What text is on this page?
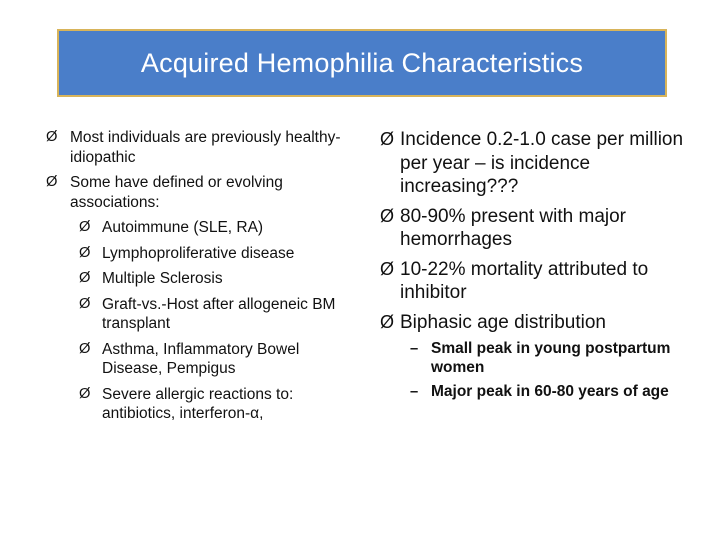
Acquired Hemophilia Characteristics
Ø Most individuals are previously healthy-idiopathic
Ø Some have defined or evolving associations:
Ø Autoimmune (SLE, RA)
Ø Lymphoproliferative disease
Ø Multiple Sclerosis
Ø Graft-vs.-Host after allogeneic BM transplant
Ø Asthma, Inflammatory Bowel Disease, Pempigus
Ø Severe allergic reactions to: antibiotics, interferon-α,
Ø Incidence 0.2-1.0 case per million per year – is incidence increasing???
Ø 80-90% present with major hemorrhages
Ø 10-22% mortality attributed to inhibitor
Ø Biphasic age distribution
– Small peak in young postpartum women
– Major peak in 60-80 years of age
